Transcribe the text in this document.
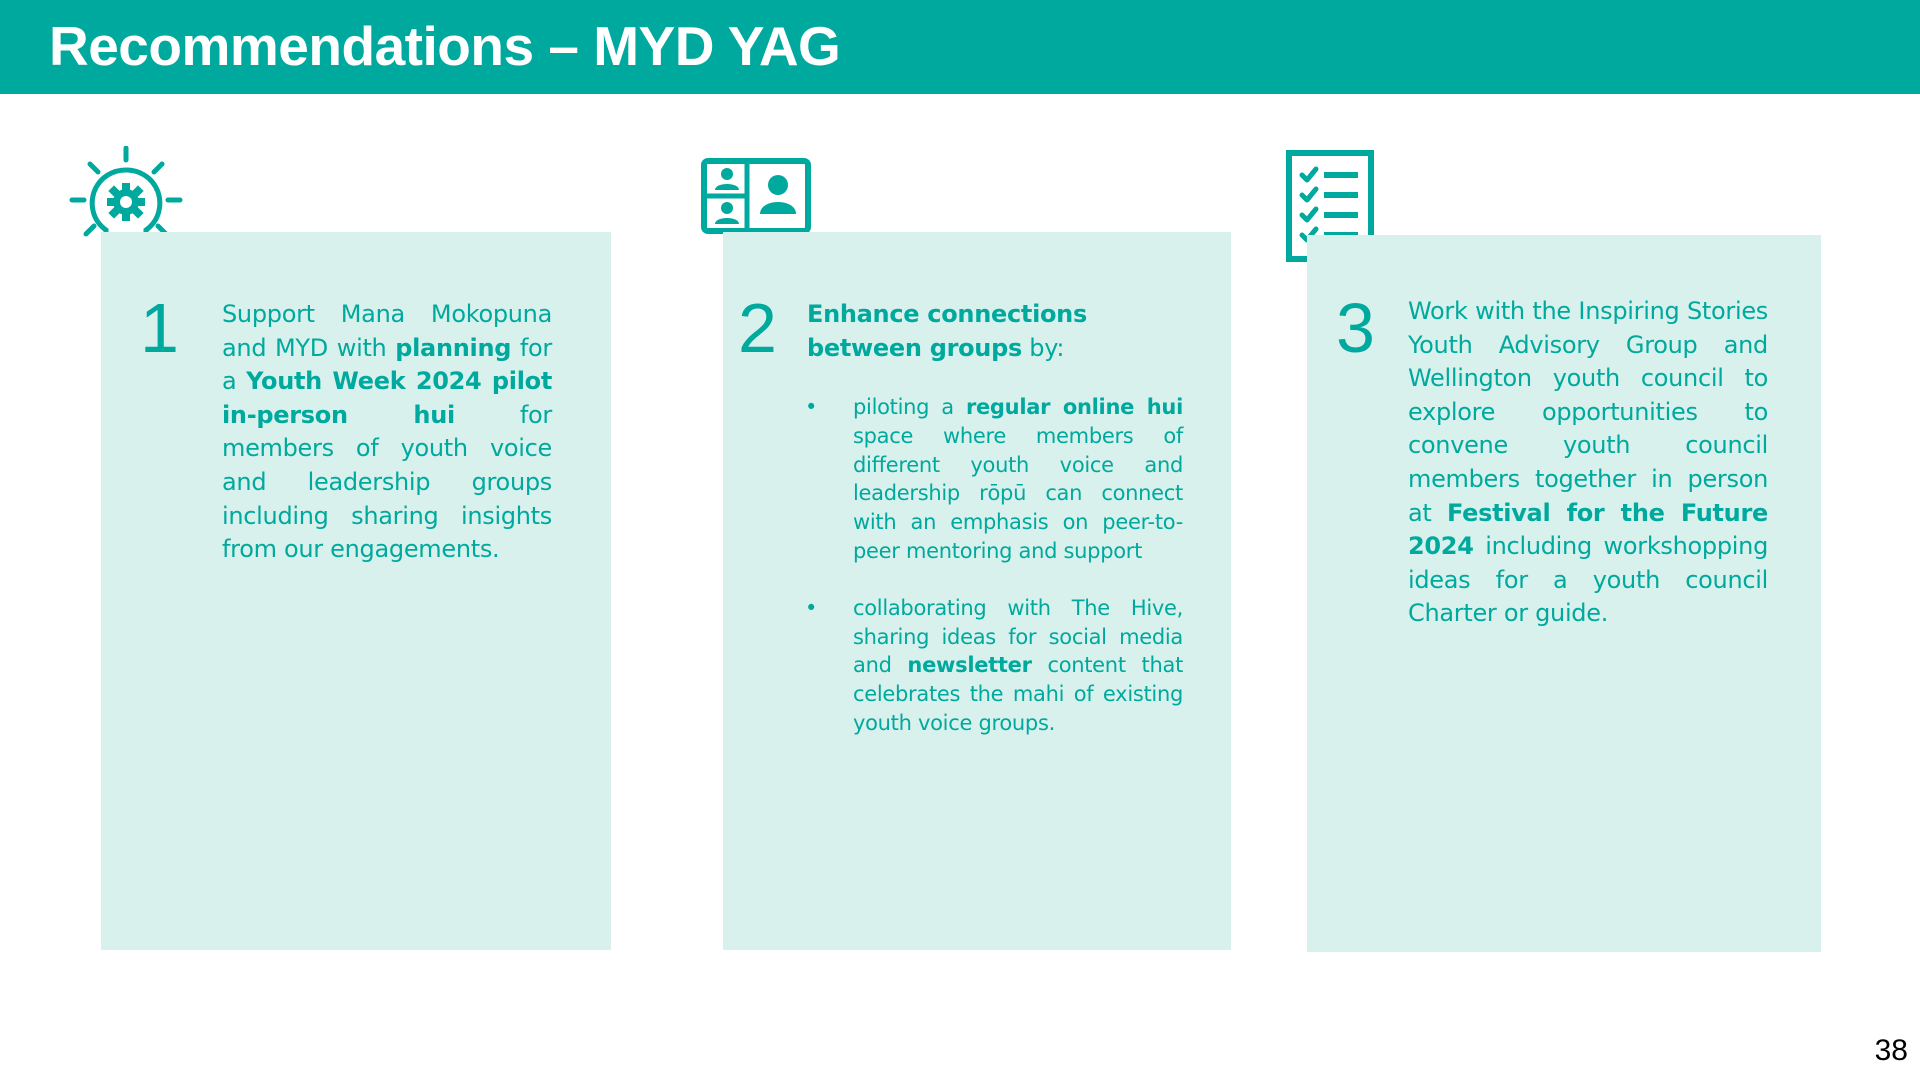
Recommendations – MYD YAG
1 Support Mana Mokopuna and MYD with planning for a Youth Week 2024 pilot in-person hui for members of youth voice and leadership groups including sharing insights from our engagements.
2 Enhance connections between groups by:
• piloting a regular online hui space where members of different youth voice and leadership rōpū can connect with an emphasis on peer-to-peer mentoring and support
• collaborating with The Hive, sharing ideas for social media and newsletter content that celebrates the mahi of existing youth voice groups.
3 Work with the Inspiring Stories Youth Advisory Group and Wellington youth council to explore opportunities to convene youth council members together in person at Festival for the Future 2024 including workshopping ideas for a youth council Charter or guide.
38
